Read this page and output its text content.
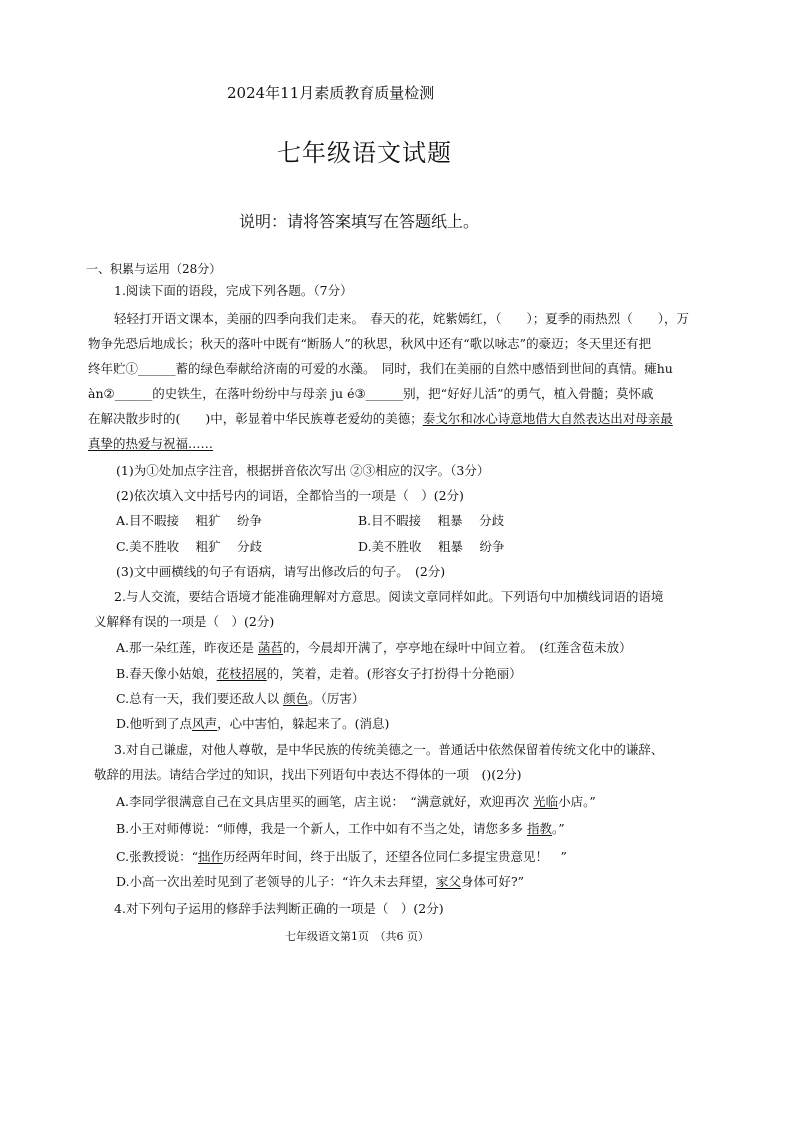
2024年11月素质教育质量检测
七年级语文试题
说明：请将答案填写在答题纸上。
一、积累与运用（28分）
1.阅读下面的语段，完成下列各题。（7分）
轻轻打开语文课本，美丽的四季向我们走来。　春天的花，姹紫嫣红，（　　）；夏季的雨热烈（　　），万
物争先恐后地成长；秋天的落叶中既有“断肠人”的秋思，秋风中还有“歌以咏志”的豪迈；冬天里还有把
终年贮①______蓄的绿色奉献给济南的可爱的水藻。　同时，我们在美丽的自然中感悟到世间的真情。瘫hu
àn②______的史铁生，在落叶纷纷中与母亲 ju é③______别，把“好好儿活”的勇气，植入骨髓；莫怀戚
在解决散步时的(　　)中，彰显着中华民族尊老爱幼的美德；泰戈尔和冰心诗意地借大自然表达出对母亲最
真挚的热爱与祝福……
(1)为①处加点字注音，根据拼音依次写出 ②③相应的汉字。（3分）
(2)依次填入文中括号内的词语，全都恰当的一项是（　）(2分)
A.目不暇接　 粗犷　 纷争	B.目不暇接　 粗暴　 分歧
C.美不胜收　 粗犷　 分歧	D.美不胜收　 粗暴　 纷争
(3)文中画横线的句子有语病，请写出修改后的句子。　(2分)
2.与人交流，要结合语境才能准确理解对方意思。阅读文章同样如此。下列语句中加横线词语的语境
义解释有误的一项是（　）(2分)
A.那一朵红莲，昨夜还是 菡萏的，今晨却开满了，亭亭地在绿叶中间立着。　(红莲含苞未放）
B.春天像小姑娘，花枝招展的，笑着，走着。(形容女子打扮得十分艳丽）
C.总有一天，我们要还敌人以 颜色。（厉害）
D.他听到了点风声，心中害怕，躲起来了。(消息)
3.对自己谦虚，对他人尊敬，是中华民族的传统美德之一。普通话中依然保留着传统文化中的谦辞、
敬辞的用法。请结合学过的知识，找出下列语句中表达不得体的一项　()(2分)
A.李同学很满意自己在文具店里买的画笔，店主说：　“满意就好，欢迎再次 光临小店。”
B.小王对师傅说：“师傅，我是一个新人，工作中如有不当之处，请您多多 指教。”
C.张教授说：“拙作历经两年时间，终于出版了，还望各位同仁多提宝贵意见！　”
D.小高一次出差时见到了老领导的儿子：“许久未去拜望，家父身体可好?”
4.对下列句子运用的修辞手法判断正确的一项是（　）(2分)
七年级语文第1页　（共6 页）
